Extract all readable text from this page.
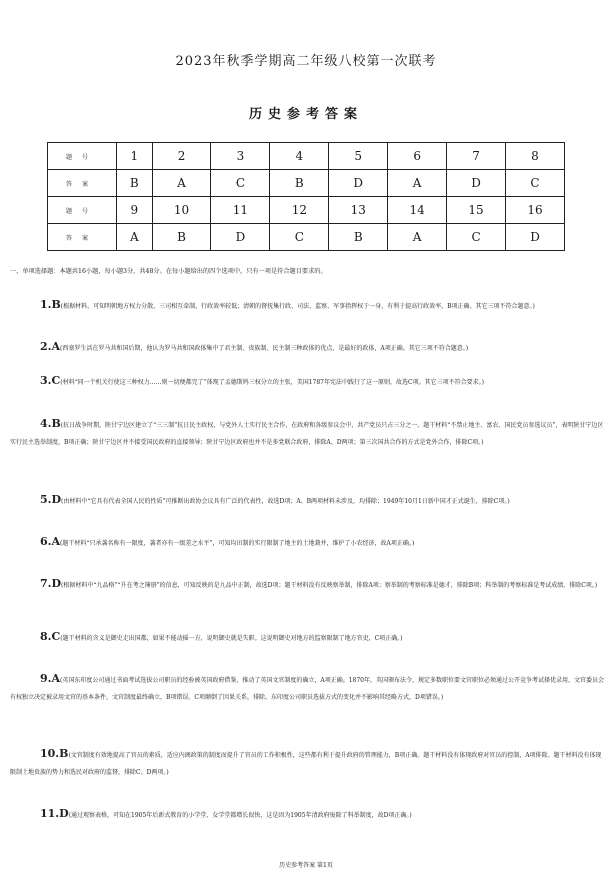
2023年秋季学期高二年级八校第一次联考
历史参考答案
题号	1	2	3	4	5	6	7	8
答案	B	A	C	B	D	A	D	C
题号	9	10	11	12	13	14	15	16
答案	A	B	D	C	B	A	C	D
一、单项选择题：本题共16小题，每小题3分，共48分。在每小题给出的四个选项中，只有一项是符合题目要求的。
1.B(根据材料，可知明朝地方权力分散，三司相互牵制，行政效率较低；清朝的督抚集行政、司法、监察、军事指挥权于一身，有利于提高行政效率，B项正确。其它三项不符合题意。)
2.A(西塞罗生活在罗马共和国后期，他认为罗马共和国政体集中了君主制、贵族制、民主制三种政体的优点，是最好的政体，A项正确。其它三项不符合题意。)
3.C(材料“同一个机关行使这三种权力……则一切便都完了”体现了孟德斯鸠三权分立的主张，美国1787年宪法中践行了这一原则，故选C项。其它三项不符合要求。)
4.B(抗日战争时期，陕甘宁边区建立了“三三制”抗日民主政权，与党外人士实行民主合作，在政府和各级参议会中，共产党员只占三分之一。题干材料“不禁止地主、富农、国民党员参选议员”，表明陕甘宁边区实行民主选举制度，B项正确；陕甘宁边区并不接受国民政府的直接领导；陕甘宁边区政府也并不是多党联合政府，排除A、D两项；第三次国共合作的方式是党外合作，排除C项。)
5.D(由材料中“它具有代表全国人民的性质”可推断出政协会议具有广泛的代表性，故选D项；A、B两项材料未涉及，均排除；1949年10月1日新中国才正式诞生，排除C项。)
6.A(题干材料“只承袭名称有一限度，袭者亦有一级差之水平”，可知均田制的实行限制了地主的土地兼并，维护了小农经济，故A项正确。)
7.D(根据材料中“九品格”“升在考之簿册”的信息，可知反映的是九品中正制，故选D项；题干材料没有反映察举制，排除A项；察举制的考察标准是德才，排除B项；科举制的考察标准是考试成绩，排除C项。)
8.C(题干材料的含义是御史走出国都，如果不能动摇一方，说明御史就是失职。这说明御史对地方的监察限制了地方官吏，C项正确。)
9.A(英国东印度公司通过书面考试选拔公司职员的经验被英国政府借鉴，推动了英国文官制度的确立，A项正确。1870年，英国颁布法令，规定多数职位要文官职位必须通过公开竞争考试择优录用，文官委员会有权独立决定被录用文官的基本条件，文官制度最终确立，B项错误。C项颠倒了因果关系，排除。东印度公司职员选拔方式的变化并不影响其经略方式，D项错误。)
10.B(文官制度有效地提高了官员的素质，适应内阁政策的制度而提升了官员的工作积极性，这些都有利于提升政府的管理能力，B项正确。题干材料没有体现政府对官员的控制，A项排除。题干材料没有体现限制土地贵族的势力和选民对政府的监督，排除C、D两项。)
11.D(通过观察表格，可知在1905年后新式教育的小学堂、女学堂都增长很快，这是因为1905年清政府废除了科举制度，故D项正确。)
历史参考答案 第1页
